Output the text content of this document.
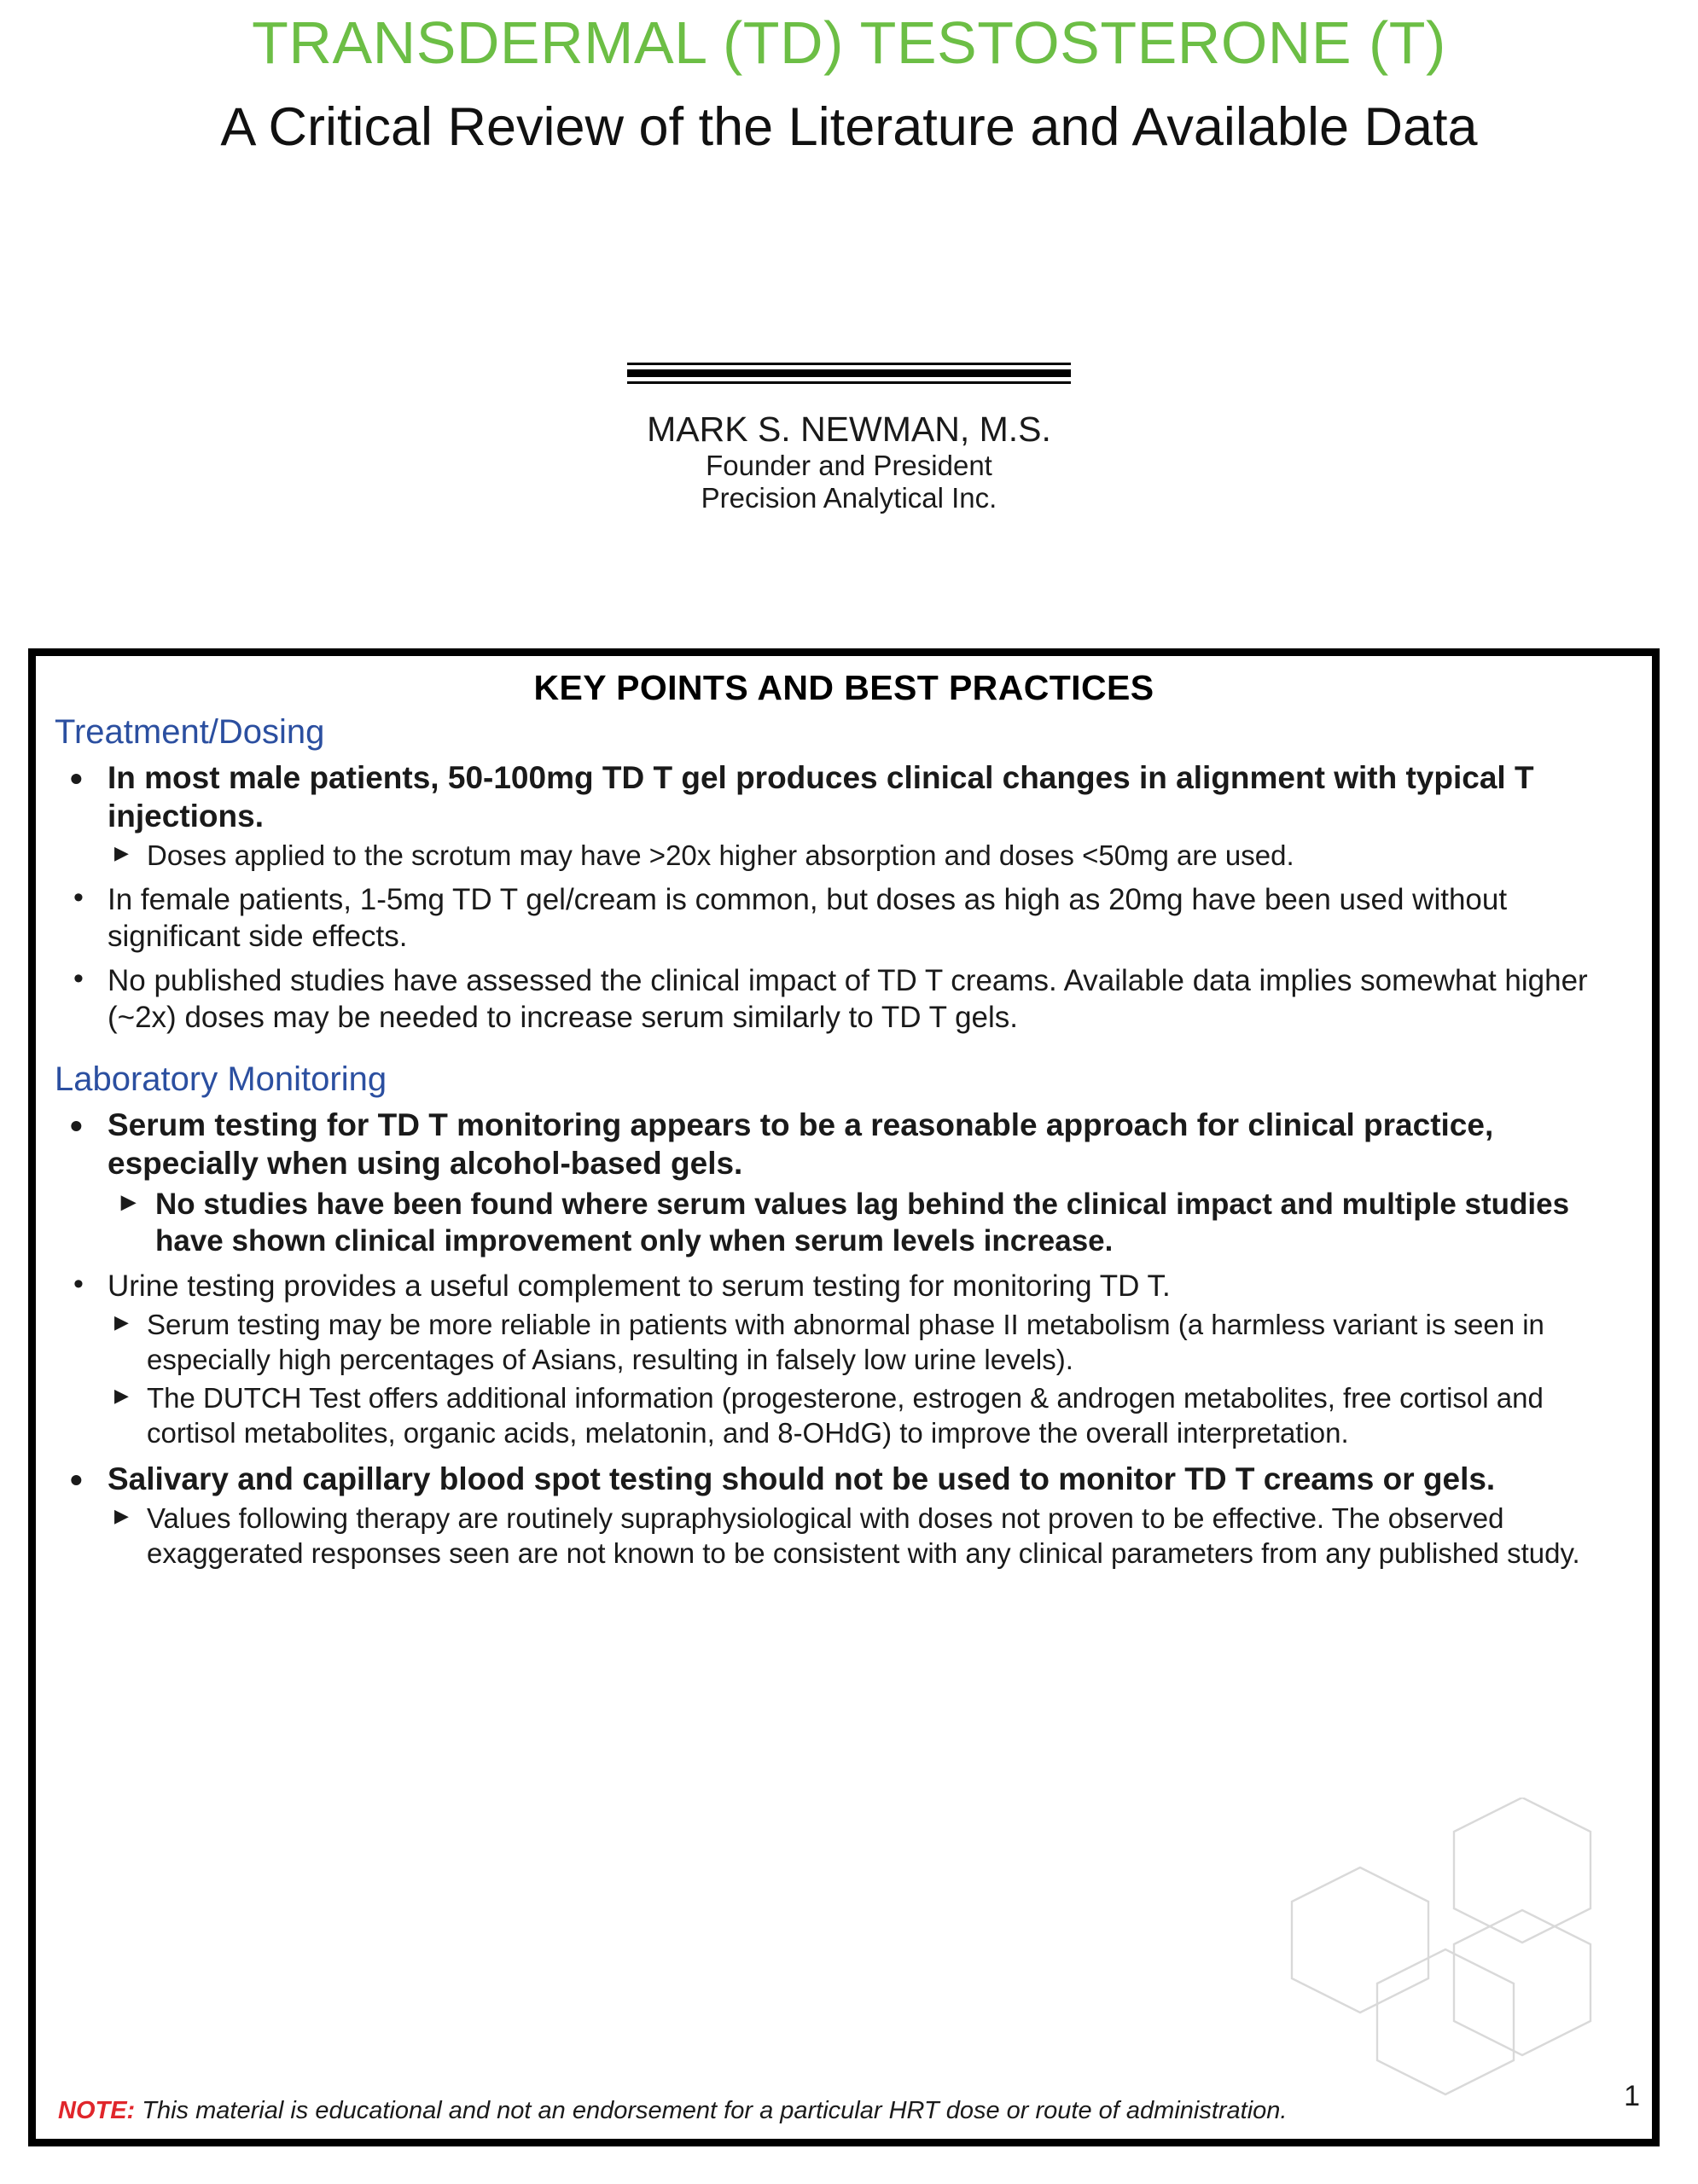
TRANSDERMAL (TD) TESTOSTERONE (T)
A Critical Review of the Literature and Available Data
MARK S. NEWMAN, M.S.
Founder and President
Precision Analytical Inc.
KEY POINTS AND BEST PRACTICES
Treatment/Dosing
• In most male patients, 50-100mg TD T gel produces clinical changes in alignment with typical T injections.
▶ Doses applied to the scrotum may have >20x higher absorption and doses <50mg are used.
• In female patients, 1-5mg TD T gel/cream is common, but doses as high as 20mg have been used without significant side effects.
• No published studies have assessed the clinical impact of TD T creams. Available data implies somewhat higher (~2x) doses may be needed to increase serum similarly to TD T gels.
Laboratory Monitoring
• Serum testing for TD T monitoring appears to be a reasonable approach for clinical practice, especially when using alcohol-based gels.
▶ No studies have been found where serum values lag behind the clinical impact and multiple studies have shown clinical improvement only when serum levels increase.
• Urine testing provides a useful complement to serum testing for monitoring TD T.
▶ Serum testing may be more reliable in patients with abnormal phase II metabolism (a harmless variant is seen in especially high percentages of Asians, resulting in falsely low urine levels).
▶ The DUTCH Test offers additional information (progesterone, estrogen & androgen metabolites, free cortisol and cortisol metabolites, organic acids, melatonin, and 8-OHdG) to improve the overall interpretation.
• Salivary and capillary blood spot testing should not be used to monitor TD T creams or gels.
▶ Values following therapy are routinely supraphysiological with doses not proven to be effective. The observed exaggerated responses seen are not known to be consistent with any clinical parameters from any published study.
NOTE: This material is educational and not an endorsement for a particular HRT dose or route of administration.	1
